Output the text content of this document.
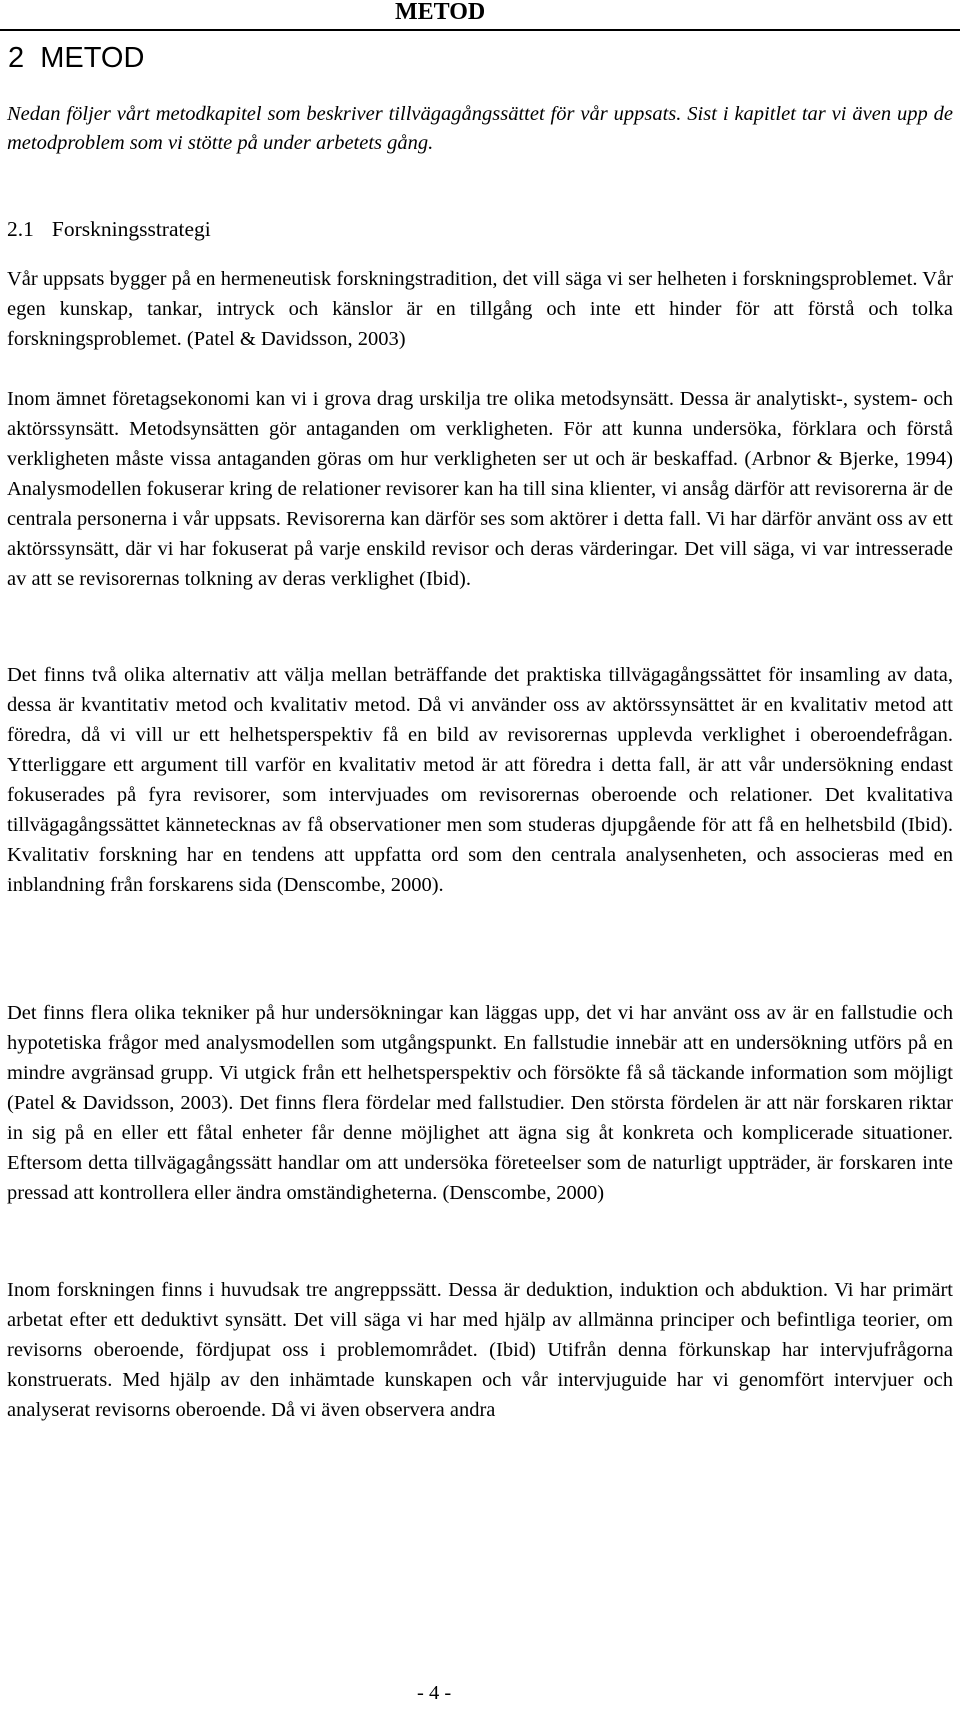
METOD
2  METOD

Nedan följer vårt metodkapitel som beskriver tillvägagångssättet för vår uppsats. Sist i kapitlet tar vi även upp de metodproblem som vi stötte på under arbetets gång.

2.1 Forskningsstrategi

Vår uppsats bygger på en hermeneutisk forskningstradition, det vill säga vi ser helheten i forskningsproblemet. Vår egen kunskap, tankar, intryck och känslor är en tillgång och inte ett hinder för att förstå och tolka forskningsproblemet. (Patel & Davidsson, 2003)

Inom ämnet företagsekonomi kan vi i grova drag urskilja tre olika metodsynsätt. Dessa är analytiskt-, system- och aktörssynsätt. Metodsynsätten gör antaganden om verkligheten. För att kunna undersöka, förklara och förstå verkligheten måste vissa antaganden göras om hur verkligheten ser ut och är beskaffad. (Arbnor & Bjerke, 1994) Analysmodellen fokuserar kring de relationer revisorer kan ha till sina klienter, vi ansåg därför att revisorerna är de centrala personerna i vår uppsats. Revisorerna kan därför ses som aktörer i detta fall. Vi har därför använt oss av ett aktörssynsätt, där vi har fokuserat på varje enskild revisor och deras värderingar. Det vill säga, vi var intresserade av att se revisorernas tolkning av deras verklighet (Ibid).

Det finns två olika alternativ att välja mellan beträffande det praktiska tillvägagångssättet för insamling av data, dessa är kvantitativ metod och kvalitativ metod. Då vi använder oss av aktörssynsättet är en kvalitativ metod att föredra, då vi vill ur ett helhetsperspektiv få en bild av revisorernas upplevda verklighet i oberoendefrågan. Ytterliggare ett argument till varför en kvalitativ metod är att föredra i detta fall, är att vår undersökning endast fokuserades på fyra revisorer, som intervjuades om revisorernas oberoende och relationer. Det kvalitativa tillvägagångssättet kännetecknas av få observationer men som studeras djupgående för att få en helhetsbild (Ibid). Kvalitativ forskning har en tendens att uppfatta ord som den centrala analysenheten, och associeras med en inblandning från forskarens sida (Denscombe, 2000).

Det finns flera olika tekniker på hur undersökningar kan läggas upp, det vi har använt oss av är en fallstudie och hypotetiska frågor med analysmodellen som utgångspunkt. En fallstudie innebär att en undersökning utförs på en mindre avgränsad grupp. Vi utgick från ett helhetsperspektiv och försökte få så täckande information som möjligt (Patel & Davidsson, 2003). Det finns flera fördelar med fallstudier. Den största fördelen är att när forskaren riktar in sig på en eller ett fåtal enheter får denne möjlighet att ägna sig åt konkreta och komplicerade situationer. Eftersom detta tillvägagångssätt handlar om att undersöka företeelser som de naturligt uppträder, är forskaren inte pressad att kontrollera eller ändra omständigheterna. (Denscombe, 2000)

Inom forskningen finns i huvudsak tre angreppssätt. Dessa är deduktion, induktion och abduktion. Vi har primärt arbetat efter ett deduktivt synsätt. Det vill säga vi har med hjälp av allmänna principer och befintliga teorier, om revisorns oberoende, fördjupat oss i problemområdet. (Ibid) Utifrån denna förkunskap har intervjufrågorna konstruerats. Med hjälp av den inhämtade kunskapen och vår intervjuguide har vi genomfört intervjuer och analyserat revisorns oberoende. Då vi även observera andra

- 4 -
